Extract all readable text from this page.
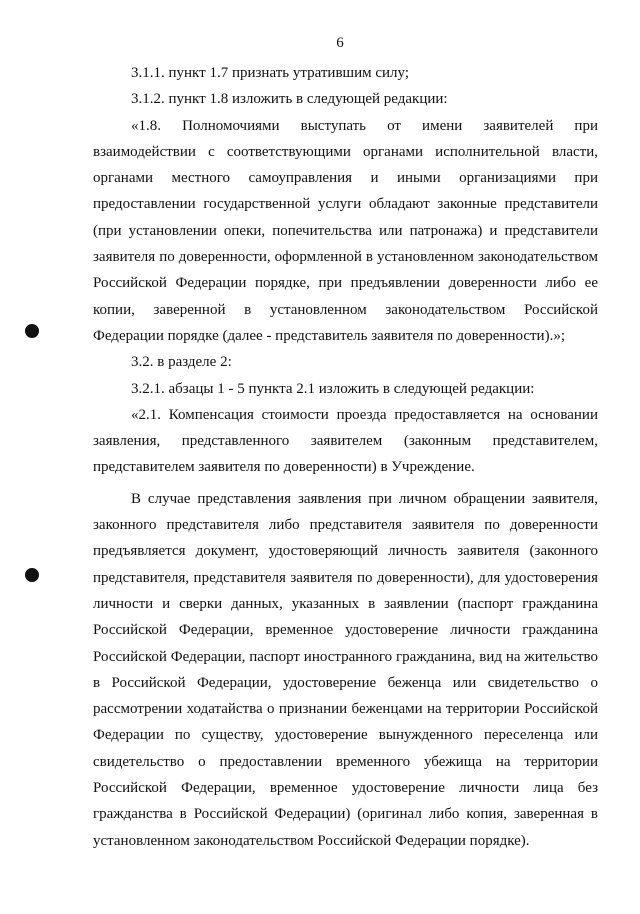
6

3.1.1. пункт 1.7 признать утратившим силу;

3.1.2. пункт 1.8 изложить в следующей редакции:

«1.8. Полномочиями выступать от имени заявителей при взаимодействии с соответствующими органами исполнительной власти, органами местного самоуправления и иными организациями при предоставлении государственной услуги обладают законные представители (при установлении опеки, попечительства или патронажа) и представители заявителя по доверенности, оформленной в установленном законодательством Российской Федерации порядке, при предъявлении доверенности либо ее копии, заверенной в установленном законодательством Российской Федерации порядке (далее - представитель заявителя по доверенности).»;

3.2. в разделе 2:

3.2.1. абзацы 1 - 5 пункта 2.1 изложить в следующей редакции:

«2.1. Компенсация стоимости проезда предоставляется на основании заявления, представленного заявителем (законным представителем, представителем заявителя по доверенности) в Учреждение.

В случае представления заявления при личном обращении заявителя, законного представителя либо представителя заявителя по доверенности предъявляется документ, удостоверяющий личность заявителя (законного представителя, представителя заявителя по доверенности), для удостоверения личности и сверки данных, указанных в заявлении (паспорт гражданина Российской Федерации, временное удостоверение личности гражданина Российской Федерации, паспорт иностранного гражданина, вид на жительство в Российской Федерации, удостоверение беженца или свидетельство о рассмотрении ходатайства о признании беженцами на территории Российской Федерации по существу, удостоверение вынужденного переселенца или свидетельство о предоставлении временного убежища на территории Российской Федерации, временное удостоверение личности лица без гражданства в Российской Федерации) (оригинал либо копия, заверенная в установленном законодательством Российской Федерации порядке).
